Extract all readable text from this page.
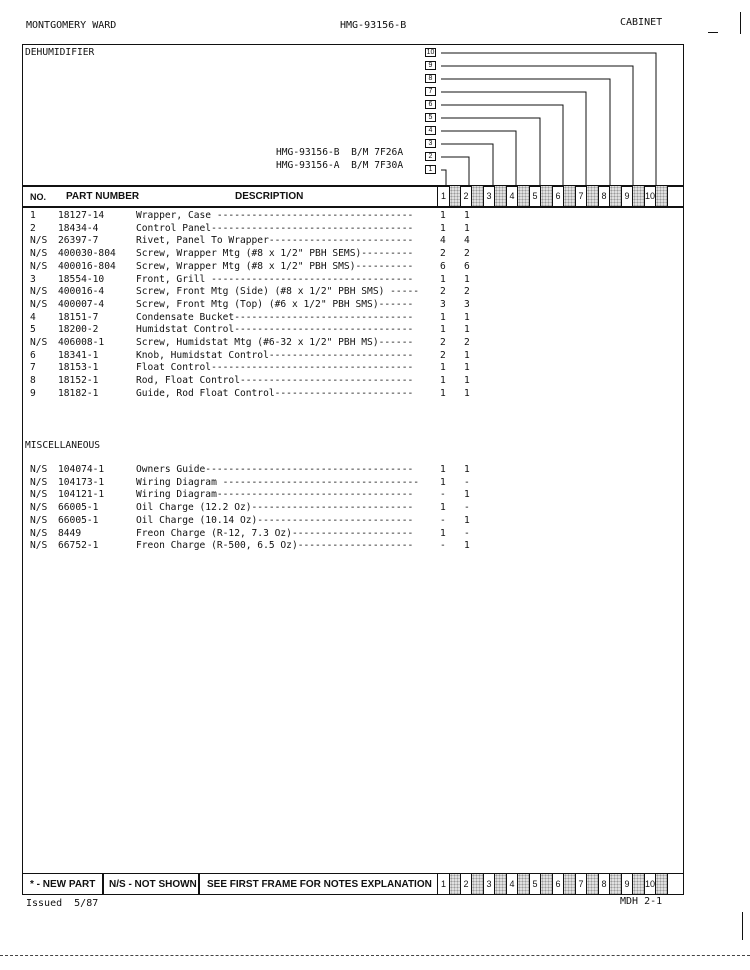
MONTGOMERY WARD	HMG-93156-B	CABINET
DEHUMIDIFIER
HMG-93156-B B/M 7F26A
HMG-93156-A B/M 7F30A
10
9
8
7
6
5
4
3
2
1
NO. PART NUMBER	DESCRIPTION	1	2	3	4	5	6	7	8	9 10

1 18127-14	Wrapper, Case ----------------------------------	1 1

2 18434-4	Control Panel-----------------------------------	1 1

N/S 26397-7	Rivet, Panel To Wrapper-------------------------	4 4

N/S 400030-804 Screw, Wrapper Mtg (#8 x 1/2" PBH SEMS)---------	2 2

N/S 400016-804 Screw, Wrapper Mtg (#8 x 1/2" PBH SMS)----------	6 6

3 18554-10	Front, Grill -----------------------------------	1 1

N/S 400016-4	Screw, Front Mtg (Side) (#8 x 1/2" PBH SMS) ----- 2 2

N/S 400007-4	Screw, Front Mtg (Top) (#6 x 1/2" PBH SMS)------	3 3

4 18151-7	Condensate Bucket-------------------------------	1 1

5 18200-2	Humidstat Control-------------------------------	1 1

N/S 406008-1	Screw, Humidstat Mtg (#6-32 x 1/2" PBH MS)------	2 2

6 18341-1	Knob, Humidstat Control-------------------------	2 1

7 18153-1	Float Control-----------------------------------	1 1

8 18152-1	Rod, Float Control------------------------------	1 1

9 18182-1	Guide, Rod Float Control------------------------	1 1

MISCELLANEOUS

N/S 104074-1	Owners Guide------------------------------------	1 1

N/S 104173-1	Wiring Diagram ---------------------------------- 1 -

N/S 104121-1	Wiring Diagram----------------------------------	- 1

N/S 66005-1	Oil Charge (12.2 Oz)----------------------------	1 -

N/S 66005-1	Oil Charge (10.14 Oz)---------------------------	- 1

N/S 8449	Freon Charge (R-12, 7.3 Oz)---------------------	1 -

N/S 66752-1	Freon Charge (R-500, 6.5 Oz)--------------------	- 1

* - NEW PART N/S - NOT SHOWN SEE FIRST FRAME FOR NOTES EXPLANATION	1	2	3	4	5	6	7	8	9 10
Issued  5/87	MDH 2-1
